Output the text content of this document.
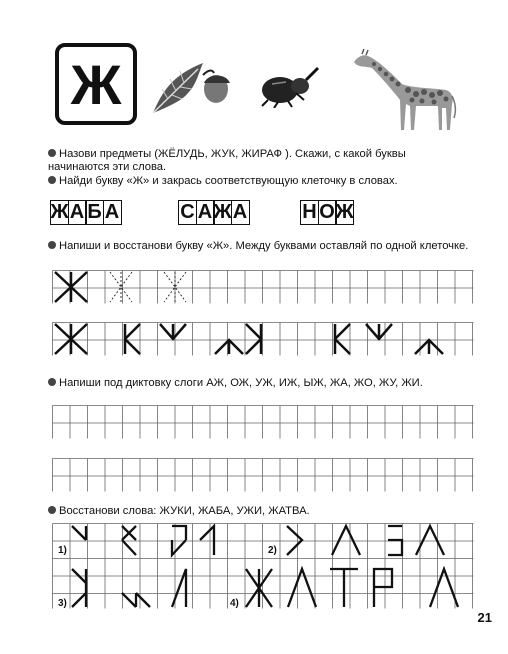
Ж
Назови предметы (ЖЁЛУДЬ, ЖУК, ЖИРАФ ). Скажи, с какой буквы начинаются эти слова.
Найди букву «Ж» и закрась соответствующую клеточку в словах.
Ж А Б А	С А Ж А	Н О Ж
Напиши и восстанови букву «Ж». Между буквами оставляй по одной клеточке.
Напиши под диктовку слоги АЖ, ОЖ, УЖ, ИЖ, ЫЖ, ЖА, ЖО, ЖУ, ЖИ.
Восстанови слова: ЖУКИ, ЖАБА, УЖИ, ЖАТВА.
1)	2)
3)	4)
21
